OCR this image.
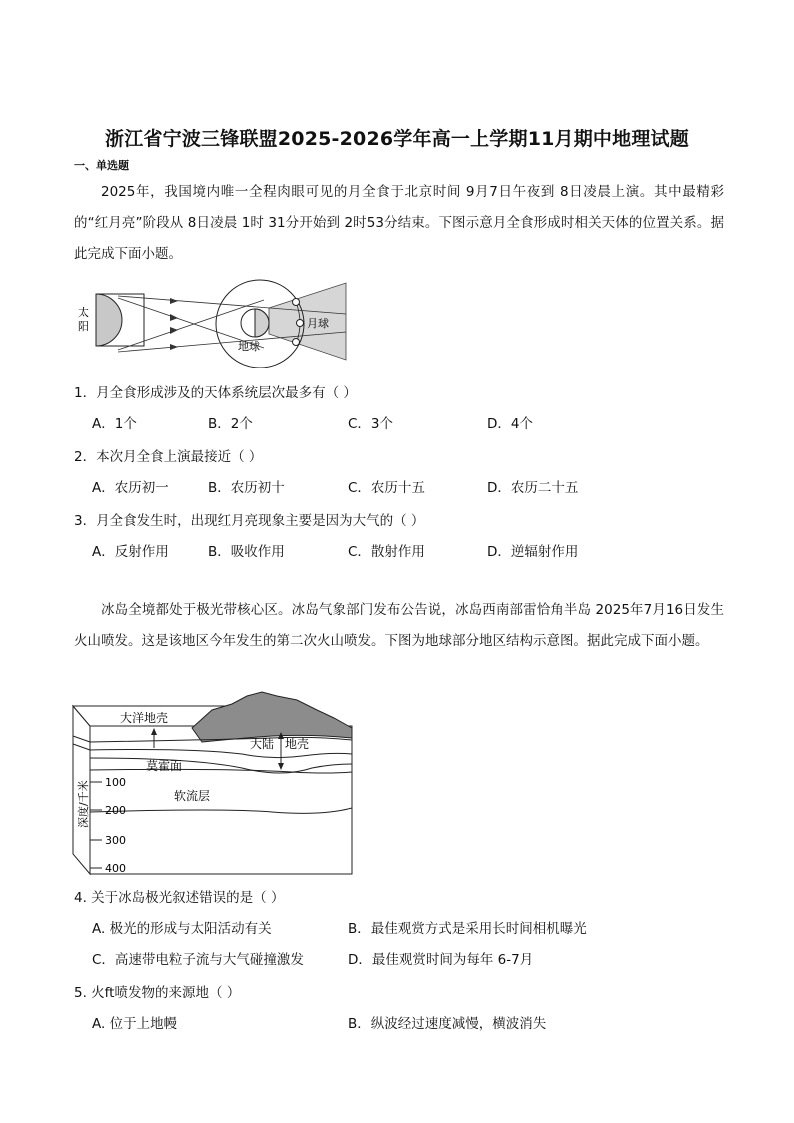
浙江省宁波三锋联盟2025-2026学年高一上学期11月期中地理试题
一、单选题
2025年，我国境内唯一全程肉眼可见的月全食于北京时间 9月7日午夜到 8日凌晨上演。其中最精彩的“红月亮”阶段从 8日凌晨 1时 31分开始到 2时53分结束。下图示意月全食形成时相关天体的位置关系。据此完成下面小题。
太
阳
地球
月球
1．月全食形成涉及的天体系统层次最多有（ ）
A．1个	B．2个	C．3个	D．4个
2．本次月全食上演最接近（ ）
A．农历初一	B．农历初十	C．农历十五	D．农历二十五
3．月全食发生时，出现红月亮现象主要是因为大气的（ ）
A．反射作用	B．吸收作用	C．散射作用	D．逆辐射作用
冰岛全境都处于极光带核心区。冰岛气象部门发布公告说，冰岛西南部雷恰角半岛 2025年7月16日发生火山喷发。这是该地区今年发生的第二次火山喷发。下图为地球部分地区结构示意图。据此完成下面小题。
大洋地壳
大陆 地壳
莫霍面
软流层
深度/千米 100
200
300
400
4. 关于冰岛极光叙述错误的是（ ）
A. 极光的形成与太阳活动有关	B．最佳观赏方式是采用长时间相机曝光
C．高速带电粒子流与大气碰撞激发	D．最佳观赏时间为每年 6-7月
5. 火ft喷发物的来源地（ ）
A. 位于上地幔	B．纵波经过速度减慢，横波消失
